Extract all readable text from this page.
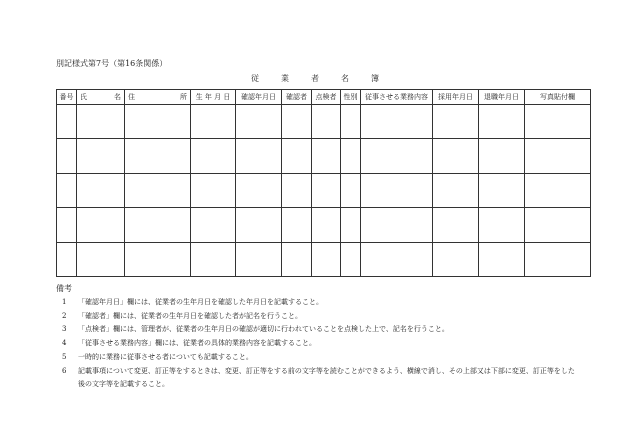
別記様式第7号（第16条関係）
従	業	者	名	簿
番号	氏 名	住 所	生 年 月 日	確認年月日	確認者	点検者	性別	従事させる業務内容	採用年月日	退職年月日	写真貼付欄

備考
1 「確認年月日」欄には、従業者の生年月日を確認した年月日を記載すること。
2 「確認者」欄には、従業者の生年月日を確認した者が記名を行うこと。
3 「点検者」欄には、管理者が、従業者の生年月日の確認が適切に行われていることを点検した上で、記名を行うこと。
4 「従事させる業務内容」欄には、従業者の具体的業務内容を記載すること。
5 一時的に業務に従事させる者についても記載すること。
6 記載事項について変更、訂正等をするときは、変更、訂正等をする前の文字等を読むことができるよう、横線で消し、その上部又は下部に変更、訂正等をした後の文字等を記載すること。
